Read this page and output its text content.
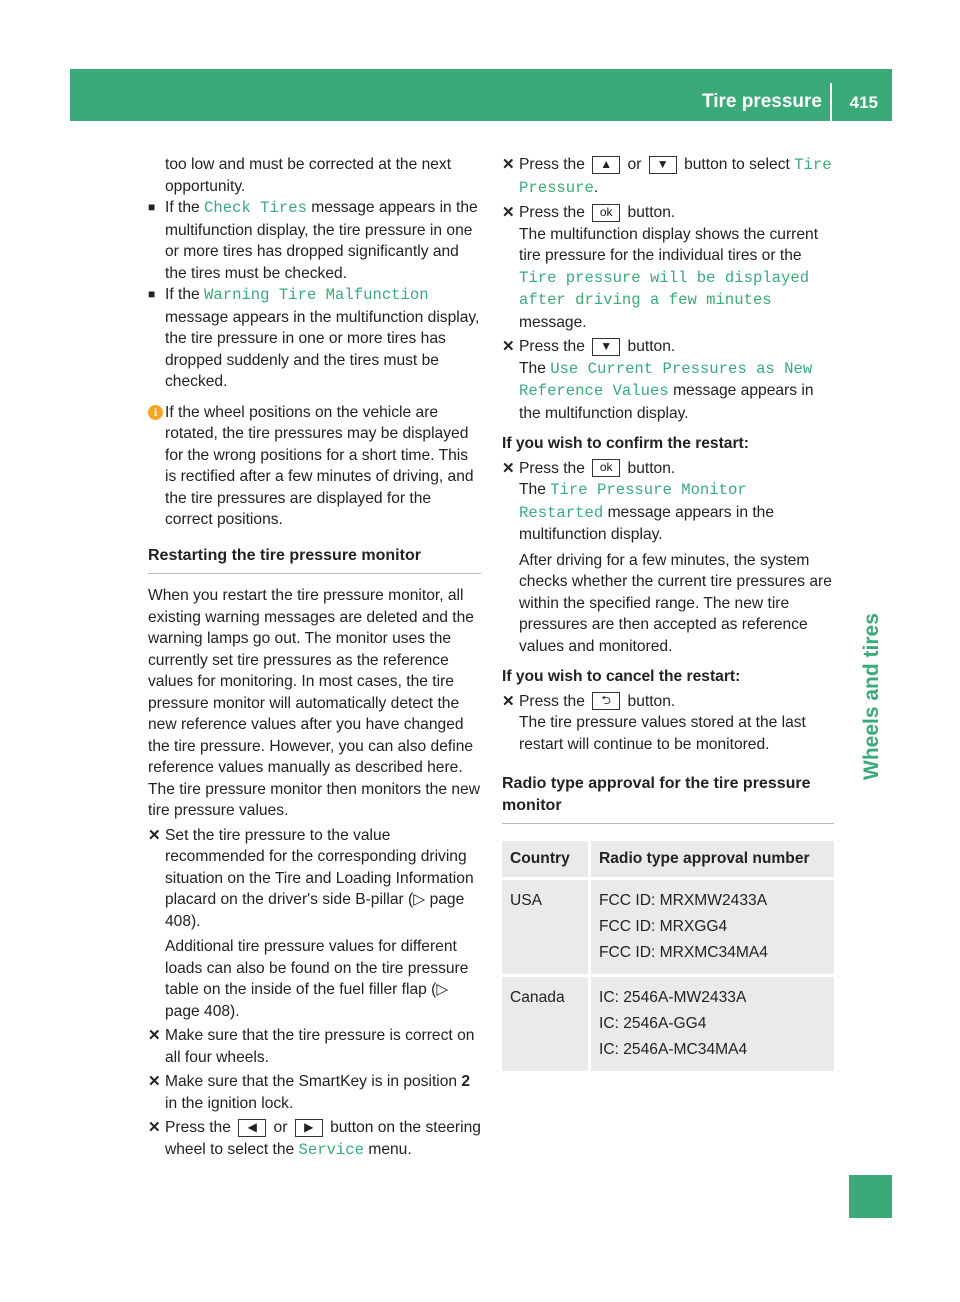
Tire pressure 415
Wheels and tires

too low and must be corrected at the next opportunity.

■ If the Check Tires message appears in the multifunction display, the tire pressure in one or more tires has dropped significantly and the tires must be checked.
■ If the Warning Tire Malfunction message appears in the multifunction display, the tire pressure in one or more tires has dropped suddenly and the tires must be checked.
i If the wheel positions on the vehicle are rotated, the tire pressures may be displayed for the wrong positions for a short time. This is rectified after a few minutes of driving, and the tire pressures are displayed for the correct positions.
Restarting the tire pressure monitor

When you restart the tire pressure monitor, all existing warning messages are deleted and the warning lamps go out. The monitor uses the currently set tire pressures as the reference values for monitoring. In most cases, the tire pressure monitor will automatically detect the new reference values after you have changed the tire pressure. However, you can also define reference values manually as described here. The tire pressure monitor then monitors the new tire pressure values.

✕ Set the tire pressure to the value recommended for the corresponding driving situation on the Tire and Loading Information placard on the driver's side B-pillar (▷ page 408).
Additional tire pressure values for different loads can also be found on the tire pressure table on the inside of the fuel filler flap (▷ page 408).
✕ Make sure that the tire pressure is correct on all four wheels.
✕ Make sure that the SmartKey is in position 2 in the ignition lock.
✕ Press the ◀ or ▶ button on the steering wheel to select the Service menu.
✕ Press the ▲ or ▼ button to select Tire Pressure.
✕ Press the ok button.
The multifunction display shows the current tire pressure for the individual tires or the Tire pressure will be displayed after driving a few minutes message.
✕ Press the ▼ button.
The Use Current Pressures as New Reference Values message appears in the multifunction display.
If you wish to confirm the restart:
✕ Press the ok button.
The Tire Pressure Monitor Restarted message appears in the multifunction display.
After driving for a few minutes, the system checks whether the current tire pressures are within the specified range. The new tire pressures are then accepted as reference values and monitored.
If you wish to cancel the restart:
✕ Press the ⮌ button.
The tire pressure values stored at the last restart will continue to be monitored.
Radio type approval for the tire pressure monitor
Country	Radio type approval number
USA	FCC ID: MRXMW2433A
FCC ID: MRXGG4
FCC ID: MRXMC34MA4

Canada	IC: 2546A-MW2433A
IC: 2546A-GG4
IC: 2546A-MC34MA4
